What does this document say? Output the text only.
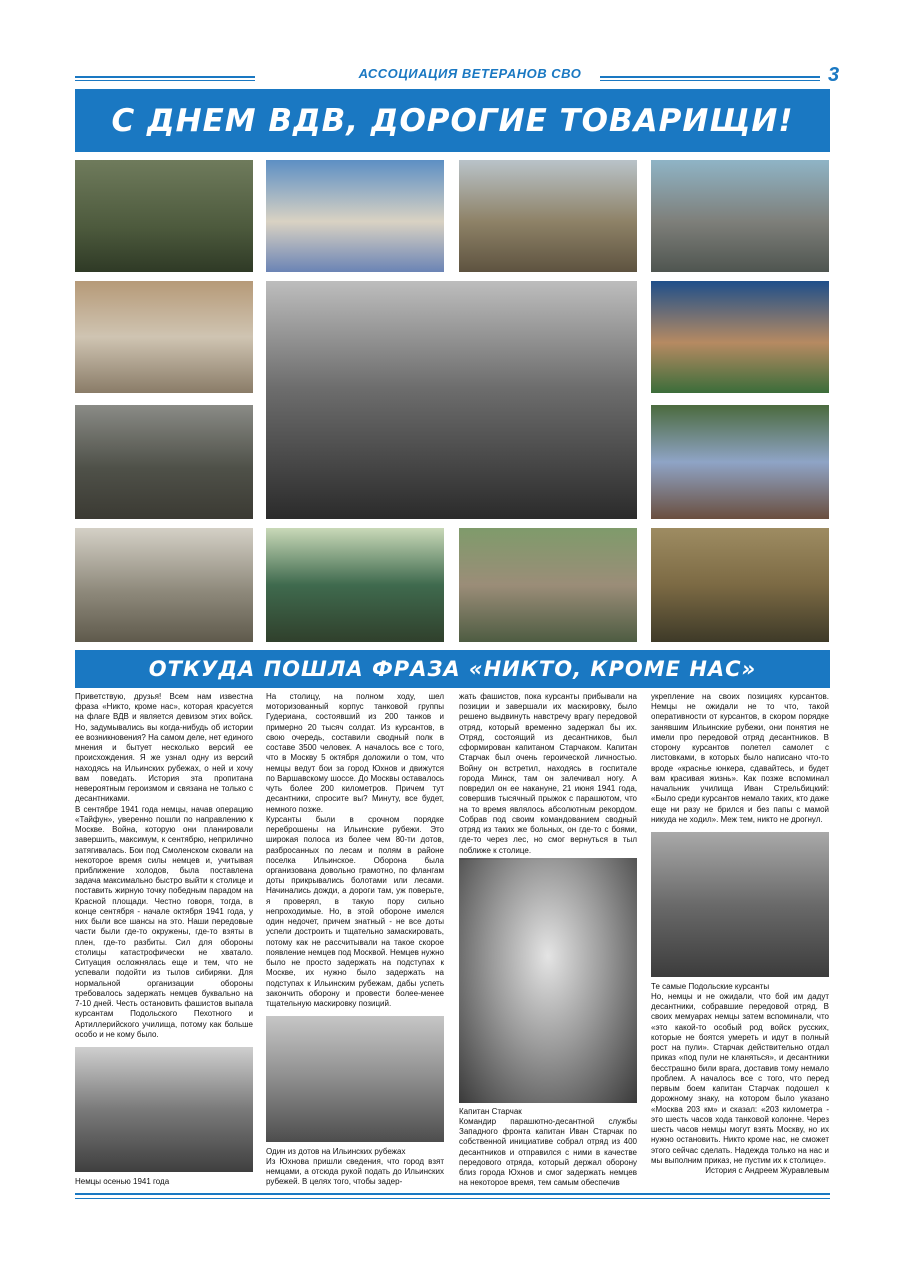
АССОЦИАЦИЯ ВЕТЕРАНОВ СВО	3
С ДНЕМ ВДВ, ДОРОГИЕ ТОВАРИЩИ!
ОТКУДА ПОШЛА ФРАЗА «НИКТО, КРОМЕ НАС»

Приветствую, друзья! Всем нам известна фраза «Никто, кроме нас», которая красуется на флаге ВДВ и является девизом этих войск. Но, задумывались вы когда-нибудь об истории ее возникновения? На самом деле, нет единого мнения и бытует несколько версий ее происхождения. Я же узнал одну из версий находясь на Ильинских рубежах, о ней и хочу вам поведать. История эта пропитана невероятным героизмом и связана не только с десантниками.

В сентябре 1941 года немцы, начав операцию «Тайфун», уверенно пошли по направлению к Москве. Война, которую они планировали завершить, максимум, к сентябрю, неприлично затягивалась. Бои под Смоленском сковали на некоторое время силы немцев и, учитывая приближение холодов, была поставлена задача максимально быстро выйти к столице и поставить жирную точку победным парадом на Красной площади. Честно говоря, тогда, в конце сентября - начале октября 1941 года, у них были все шансы на это. Наши передовые части были где-то окружены, где-то взяты в плен, где-то разбиты. Сил для обороны столицы катастрофически не хватало. Ситуация осложнялась еще и тем, что не успевали подойти из тылов сибиряки. Для нормальной организации обороны требовалось задержать немцев буквально на 7-10 дней. Честь остановить фашистов выпала курсантам Подольского Пехотного и Артиллерийского училища, потому как больше особо и не кому было.

Немцы осенью 1941 года

На столицу, на полном ходу, шел моторизованный корпус танковой группы Гудериана, состоявший из 200 танков и примерно 20 тысяч солдат. Из курсантов, в свою очередь, составили сводный полк в составе 3500 человек. А началось все с того, что в Москву 5 октября доложили о том, что немцы ведут бои за город Юхнов и движутся по Варшавскому шоссе. До Москвы оставалось чуть более 200 километров. Причем тут десантники, спросите вы? Минуту, все будет, немного позже.

Курсанты были в срочном порядке переброшены на Ильинские рубежи. Это широкая полоса из более чем 80-ти дотов, разбросанных по лесам и полям в районе поселка Ильинское. Оборона была организована довольно грамотно, по флангам доты прикрывались болотами или лесами. Начинались дожди, а дороги там, уж поверьте, я проверял, в такую пору сильно непроходимые. Но, в этой обороне имелся один недочет, причем знатный - не все доты успели достроить и тщательно замаскировать, потому как не рассчитывали на такое скорое появление немцев под Москвой. Немцев нужно было не просто задержать на подступах к Москве, их нужно было задержать на подступах к Ильинским рубежам, дабы успеть закончить оборону и провести более-менее тщательную маскировку позиций.

Один из дотов на Ильинских рубежах

Из Юхнова пришли сведения, что город взят немцами, а отсюда рукой подать до Ильинских рубежей. В целях того, чтобы задер-

жать фашистов, пока курсанты прибывали на позиции и завершали их маскировку, было решено выдвинуть навстречу врагу передовой отряд, который временно задержал бы их. Отряд, состоящий из десантников, был сформирован капитаном Старчаком. Капитан Старчак был очень героической личностью. Войну он встретил, находясь в госпитале города Минск, там он залечивал ногу. А повредил он ее накануне, 21 июня 1941 года, совершив тысячный прыжок с парашютом, что на то время являлось абсолютным рекордом. Собрав под своим командованием сводный отряд из таких же больных, он где-то с боями, где-то через лес, но смог вернуться в тыл поближе к столице.

Капитан Старчак

Командир парашютно-десантной службы Западного фронта капитан Иван Старчак по собственной инициативе собрал отряд из 400 десантников и отправился с ними в качестве передового отряда, который держал оборону близ города Юхнов и смог задержать немцев на некоторое время, тем самым обеспечив

укрепление на своих позициях курсантов. Немцы не ожидали не то что, такой оперативности от курсантов, в скором порядке занявшим Ильинские рубежи, они понятия не имели про передовой отряд десантников. В сторону курсантов полетел самолет с листовками, в которых было написано что-то вроде «краснье юнкера, сдавайтесь, и будет вам красивая жизнь». Как позже вспоминал начальник училища Иван Стрельбицкий: «Было среди курсантов немало таких, кто даже еще ни разу не брился и без папы с мамой никуда не ходил». Меж тем, никто не дрогнул.

Те самые Подольские курсанты

Но, немцы и не ожидали, что бой им дадут десантники, собравшие передовой отряд. В своих мемуарах немцы затем вспоминали, что «это какой-то особый род войск русских, которые не боятся умереть и идут в полный рост на пули». Старчак действительно отдал приказ «под пули не кланяться», и десантники бесстрашно били врага, доставив тому немало проблем. А началось все с того, что перед первым боем капитан Старчак подошел к дорожному знаку, на котором было указано «Москва 203 км» и сказал: «203 километра - это шесть часов хода танковой колонне. Через шесть часов немцы могут взять Москву, но их нужно остановить. Никто кроме нас, не сможет этого сейчас сделать. Надежда только на нас и мы выполним приказ, не пустим их к столице».

История с Андреем Журавлевым
